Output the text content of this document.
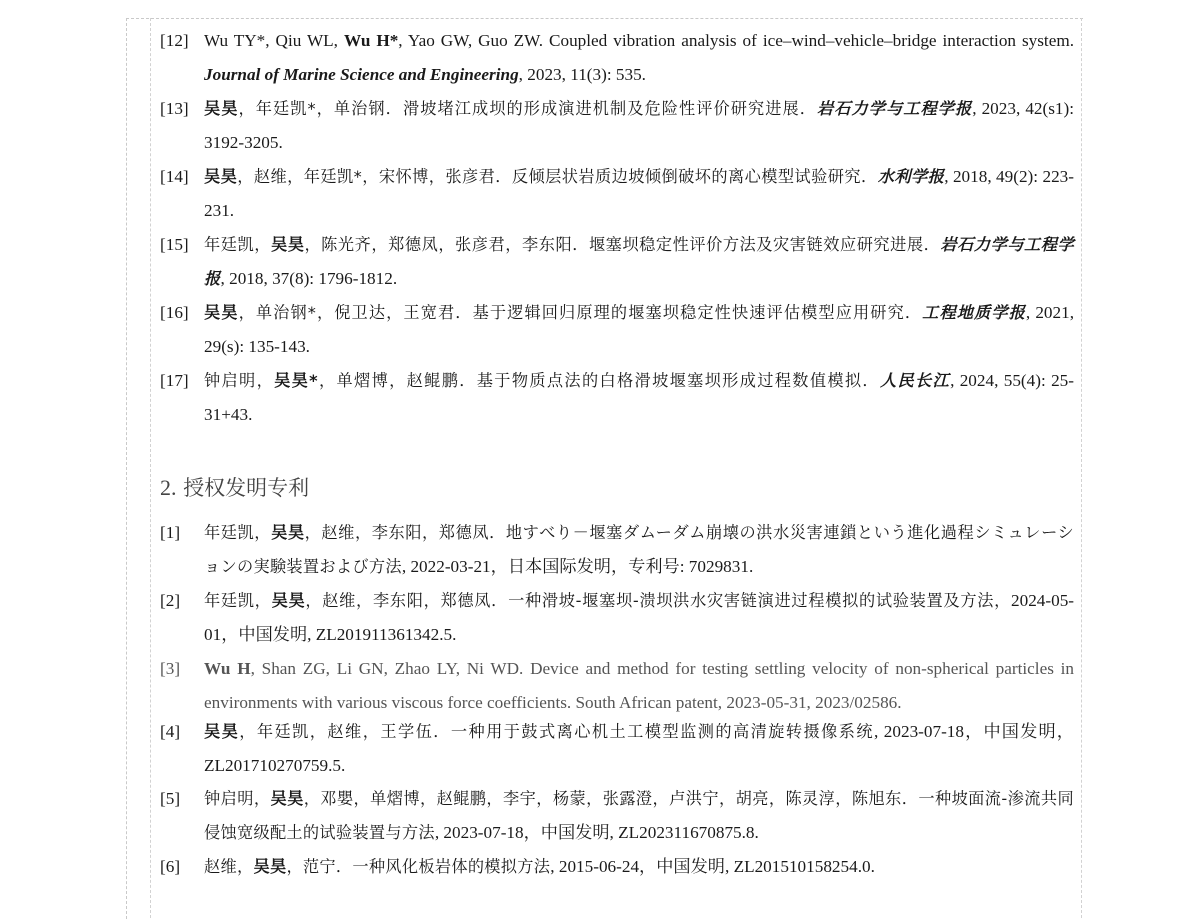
[12] Wu TY*, Qiu WL, Wu H*, Yao GW, Guo ZW. Coupled vibration analysis of ice–wind–vehicle–bridge interaction system. Journal of Marine Science and Engineering, 2023, 11(3): 535.
[13] 吴昊，年廷凯*，单治钢．滑坡堵江成坝的形成演进机制及危险性评价研究进展．岩石力学与工程学报, 2023, 42(s1): 3192-3205.
[14] 吴昊，赵维，年廷凯*，宋怀博，张彦君．反倾层状岩质边坡倾倒破坏的离心模型试验研究．水利学报, 2018, 49(2): 223-231.
[15] 年廷凯，吴昊，陈光齐，郑德凤，张彦君，李东阳．堰塞坝稳定性评价方法及灾害链效应研究进展．岩石力学与工程学报, 2018, 37(8): 1796-1812.
[16] 吴昊，单治钢*，倪卫达，王宽君．基于逻辑回归原理的堰塞坝稳定性快速评估模型应用研究．工程地质学报, 2021, 29(s): 135-143.
[17] 钟启明，吴昊*，单熠博，赵鲲鹏．基于物质点法的白格滑坡堰塞坝形成过程数值模拟．人民长江, 2024, 55(4): 25-31+43.
2. 授权发明专利
[1] 年廷凯，吴昊，赵维，李东阳，郑德凤．地すべり－堰塞ダムーダム崩壊の洪水災害連鎖という進化過程シミュレーションの実験装置および方法, 2022-03-21，日本国际发明，专利号: 7029831.
[2] 年廷凯，吴昊，赵维，李东阳，郑德凤．一种滑坡-堰塞坝-溃坝洪水灾害链演进过程模拟的试验装置及方法，2024-05-01，中国发明, ZL201911361342.5.
[3] Wu H, Shan ZG, Li GN, Zhao LY, Ni WD. Device and method for testing settling velocity of non-spherical particles in environments with various viscous force coefficients. South African patent, 2023-05-31, 2023/02586.
[4] 吴昊，年廷凯，赵维，王学伍．一种用于鼓式离心机土工模型监测的高清旋转摄像系统, 2023-07-18，中国发明，ZL201710270759.5.
[5] 钟启明，吴昊，邓嬰，单熠博，赵鲲鹏，李宇，杨蒙，张露澄，卢洪宁，胡亮，陈灵淳，陈旭东．一种坡面流-渗流共同侵蚀宽级配土的试验装置与方法, 2023-07-18，中国发明, ZL202311670875.8.
[6] 赵维，吴昊，范宁．一种风化板岩体的模拟方法, 2015-06-24，中国发明, ZL201510158254.0.
